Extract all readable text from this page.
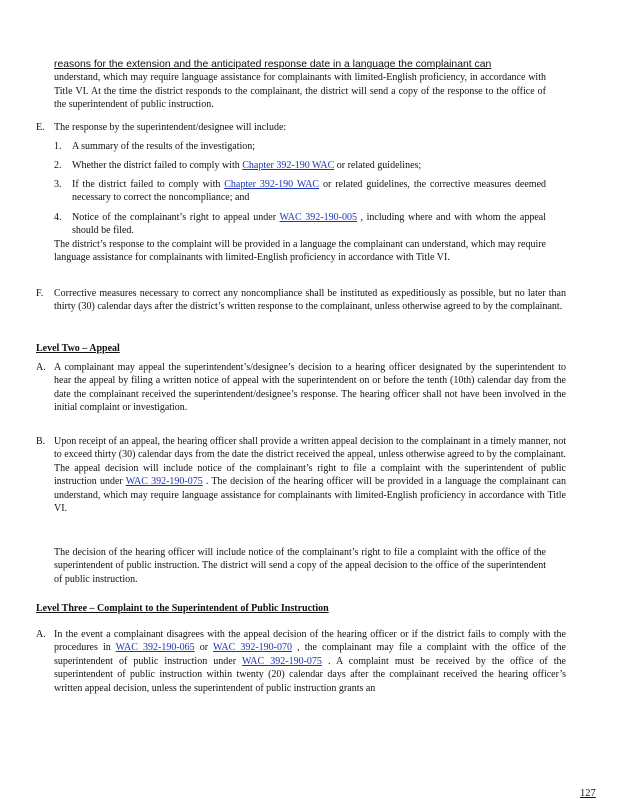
reasons for the extension and the anticipated response date in a language the complainant can

understand, which may require language assistance for complainants with limited-English proficiency, in accordance with Title VI. At the time the district responds to the complainant, the district will send a copy of the response to the office of the superintendent of public instruction.

E. The response by the superintendent/designee will include:

1. A summary of the results of the investigation;

2. Whether the district failed to comply with Chapter 392-190 WAC or related guidelines;

3. If the district failed to comply with Chapter 392-190 WAC or related guidelines, the corrective measures deemed necessary to correct the noncompliance; and

4. Notice of the complainant’s right to appeal under WAC 392-190-005 , including where and with whom the appeal should be filed.

The district’s response to the complaint will be provided in a language the complainant can understand, which may require language assistance for complainants with limited-English proficiency in accordance with Title VI.

F. Corrective measures necessary to correct any noncompliance shall be instituted as expeditiously as possible, but no later than thirty (30) calendar days after the district’s written response to the complainant, unless otherwise agreed to by the complainant.

Level Two – Appeal
A. A complainant may appeal the superintendent’s/designee’s decision to a hearing officer designated by the superintendent to hear the appeal by filing a written notice of appeal with the superintendent on or before the tenth (10th) calendar day from the date the complainant received the superintendent/designee’s response. The hearing officer shall not have been involved in the initial complaint or investigation.

B. Upon receipt of an appeal, the hearing officer shall provide a written appeal decision to the complainant in a timely manner, not to exceed thirty (30) calendar days from the date the district received the appeal, unless otherwise agreed to by the complainant. The appeal decision will include notice of the complainant’s right to file a complaint with the superintendent of public instruction under WAC 392-190-075 . The decision of the hearing officer will be provided in a language the complainant can understand, which may require language assistance for complainants with limited-English proficiency in accordance with Title VI.

The decision of the hearing officer will include notice of the complainant’s right to file a complaint with the office of the superintendent of public instruction. The district will send a copy of the appeal decision to the office of the superintendent of public instruction.

Level Three – Complaint to the Superintendent of Public Instruction
A. In the event a complainant disagrees with the appeal decision of the hearing officer or if the district fails to comply with the procedures in WAC 392-190-065 or WAC 392-190-070 , the complainant may file a complaint with the office of the superintendent of public instruction under WAC 392-190-075 . A complaint must be received by the office of the superintendent of public instruction within twenty (20) calendar days after the complainant received the hearing officer’s written appeal decision, unless the superintendent of public instruction grants an

127
